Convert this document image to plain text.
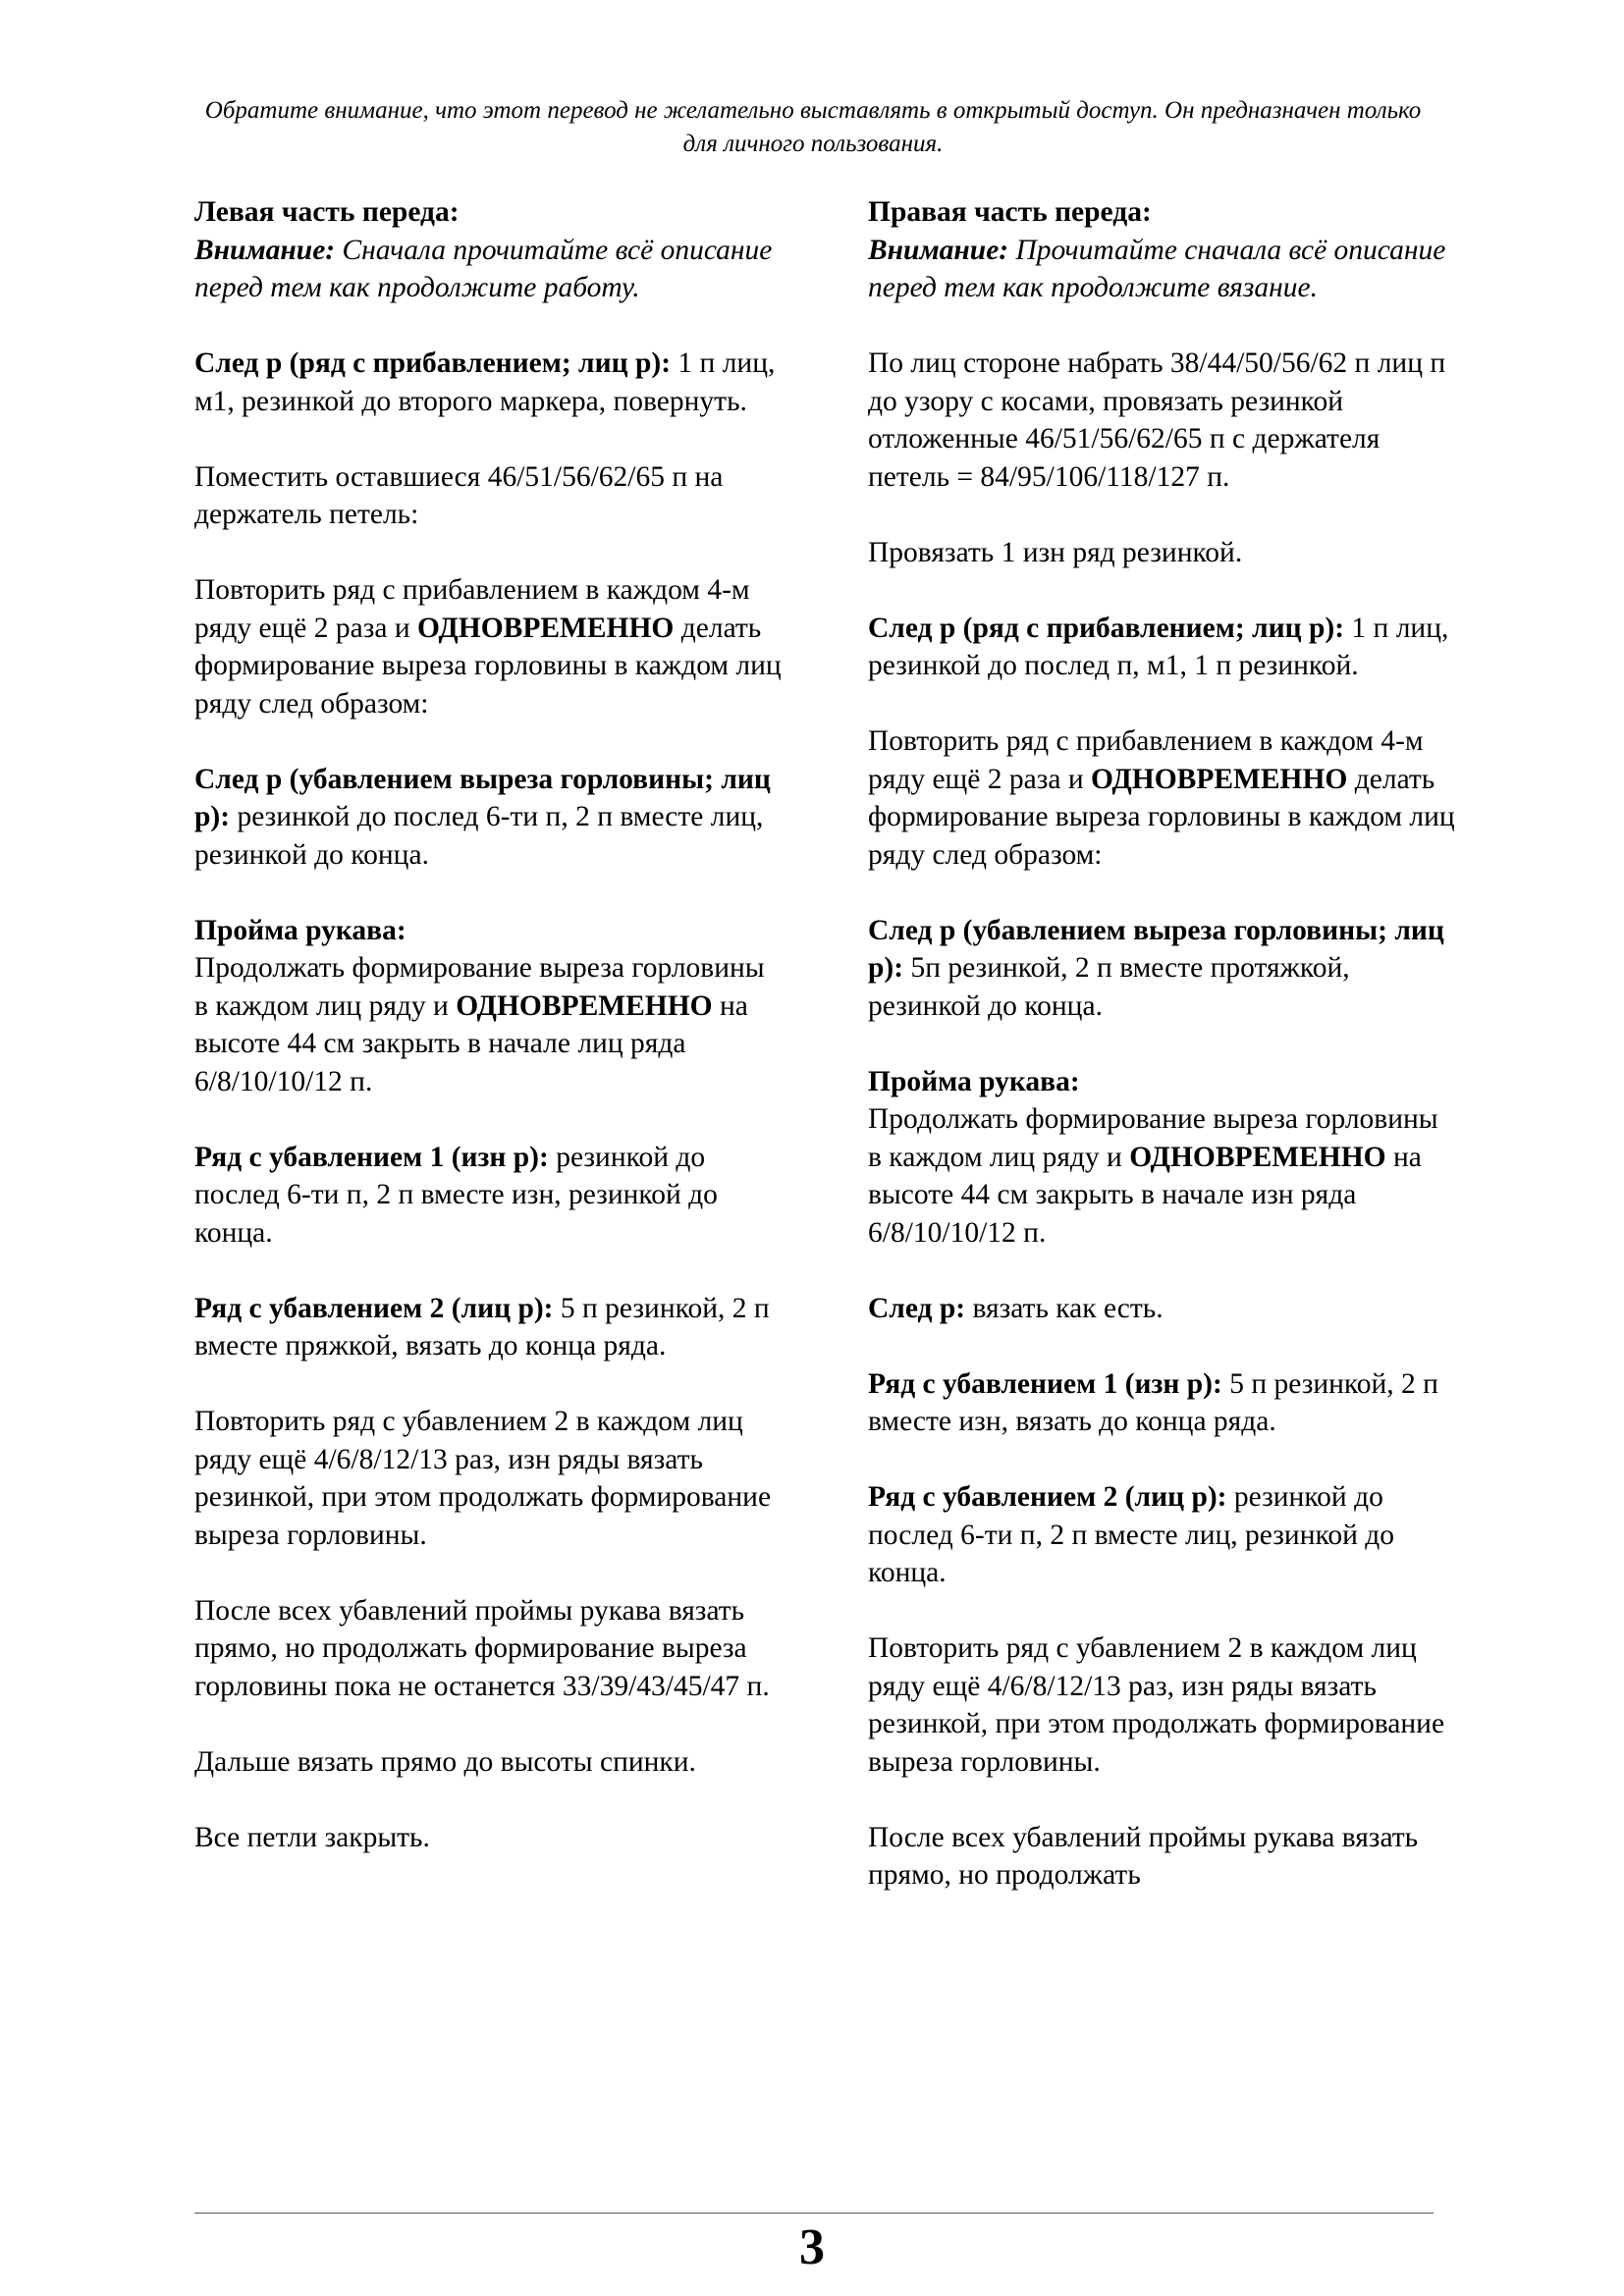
Обратите внимание, что этот перевод не желательно выставлять в открытый доступ. Он предназначен только для личного пользования.
Левая часть переда:
Внимание: Сначала прочитайте всё описание перед тем как продолжите работу.
След р (ряд с прибавлением; лиц р): 1 п лиц, м1, резинкой до второго маркера, повернуть.
Поместить оставшиеся 46/51/56/62/65 п на держатель петель:
Повторить ряд с прибавлением в каждом 4-м ряду ещё 2 раза и ОДНОВРЕМЕННО делать формирование выреза горловины в каждом лиц ряду след образом:
След р (убавлением выреза горловины; лиц р): резинкой до послед 6-ти п, 2 п вместе лиц, резинкой до конца.
Пройма рукава:
Продолжать формирование выреза горловины в каждом лиц ряду и ОДНОВРЕМЕННО на высоте 44 см закрыть в начале лиц ряда 6/8/10/10/12 п.
Ряд с убавлением 1 (изн р): резинкой до послед 6-ти п, 2 п вместе изн, резинкой до конца.
Ряд с убавлением 2 (лиц р): 5 п резинкой, 2 п вместе пряжкой, вязать до конца ряда.
Повторить ряд с убавлением 2 в каждом лиц ряду ещё 4/6/8/12/13 раз, изн ряды вязать резинкой, при этом продолжать формирование выреза горловины.
После всех убавлений проймы рукава вязать прямо, но продолжать формирование выреза горловины пока не останется 33/39/43/45/47 п.
Дальше вязать прямо до высоты спинки.
Все петли закрыть.
Правая часть переда:
Внимание: Прочитайте сначала всё описание перед тем как продолжите вязание.
По лиц стороне набрать 38/44/50/56/62 п лиц п до узору с косами, провязать резинкой отложенные 46/51/56/62/65 п с держателя петель = 84/95/106/118/127 п.
Провязать 1 изн ряд резинкой.
След р (ряд с прибавлением; лиц р): 1 п лиц, резинкой до послед п, м1, 1 п резинкой.
Повторить ряд с прибавлением в каждом 4-м ряду ещё 2 раза и ОДНОВРЕМЕННО делать формирование выреза горловины в каждом лиц ряду след образом:
След р (убавлением выреза горловины; лиц р): 5п резинкой, 2 п вместе протяжкой, резинкой до конца.
Пройма рукава:
Продолжать формирование выреза горловины в каждом лиц ряду и ОДНОВРЕМЕННО на высоте 44 см закрыть в начале изн ряда 6/8/10/10/12 п.
След р: вязать как есть.
Ряд с убавлением 1 (изн р): 5 п резинкой, 2 п вместе изн, вязать до конца ряда.
Ряд с убавлением 2 (лиц р): резинкой до послед 6-ти п, 2 п вместе лиц, резинкой до конца.
Повторить ряд с убавлением 2 в каждом лиц ряду ещё 4/6/8/12/13 раз, изн ряды вязать резинкой, при этом продолжать формирование выреза горловины.
После всех убавлений проймы рукава вязать прямо, но продолжать
3
